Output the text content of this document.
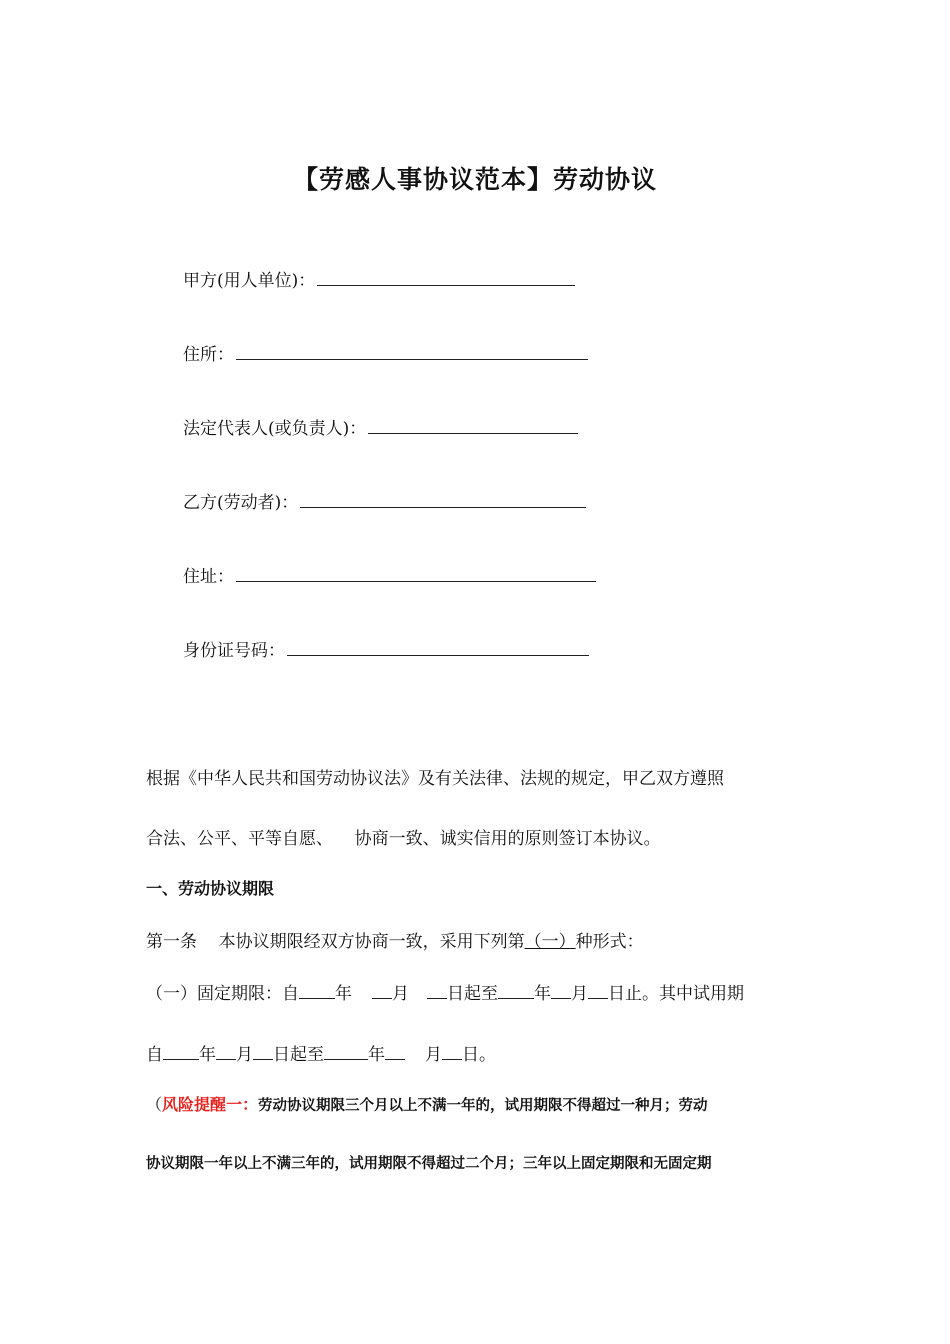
【劳感人事协议范本】劳动协议
甲方(用人单位)：
住所：
法定代表人(或负责人)：
乙方(劳动者)：
住址：
身份证号码：
根据《中华人民共和国劳动协议法》及有关法律、法规的规定，甲乙双方遵照
合法、公平、平等自愿、    协商一致、诚实信用的原则签订本协议。
一、劳动协议期限
第一条    本协议期限经双方协商一致，采用下列第（一）种形式：
（一）固定期限：自 年 月 日起至 年 月 日止。其中试用期
自 年 月 日起至	年 月 日。
（风险提醒一：劳动协议期限三个月以上不满一年的，试用期限不得超过一种月；劳动
协议期限一年以上不满三年的，试用期限不得超过二个月；三年以上固定期限和无固定期
